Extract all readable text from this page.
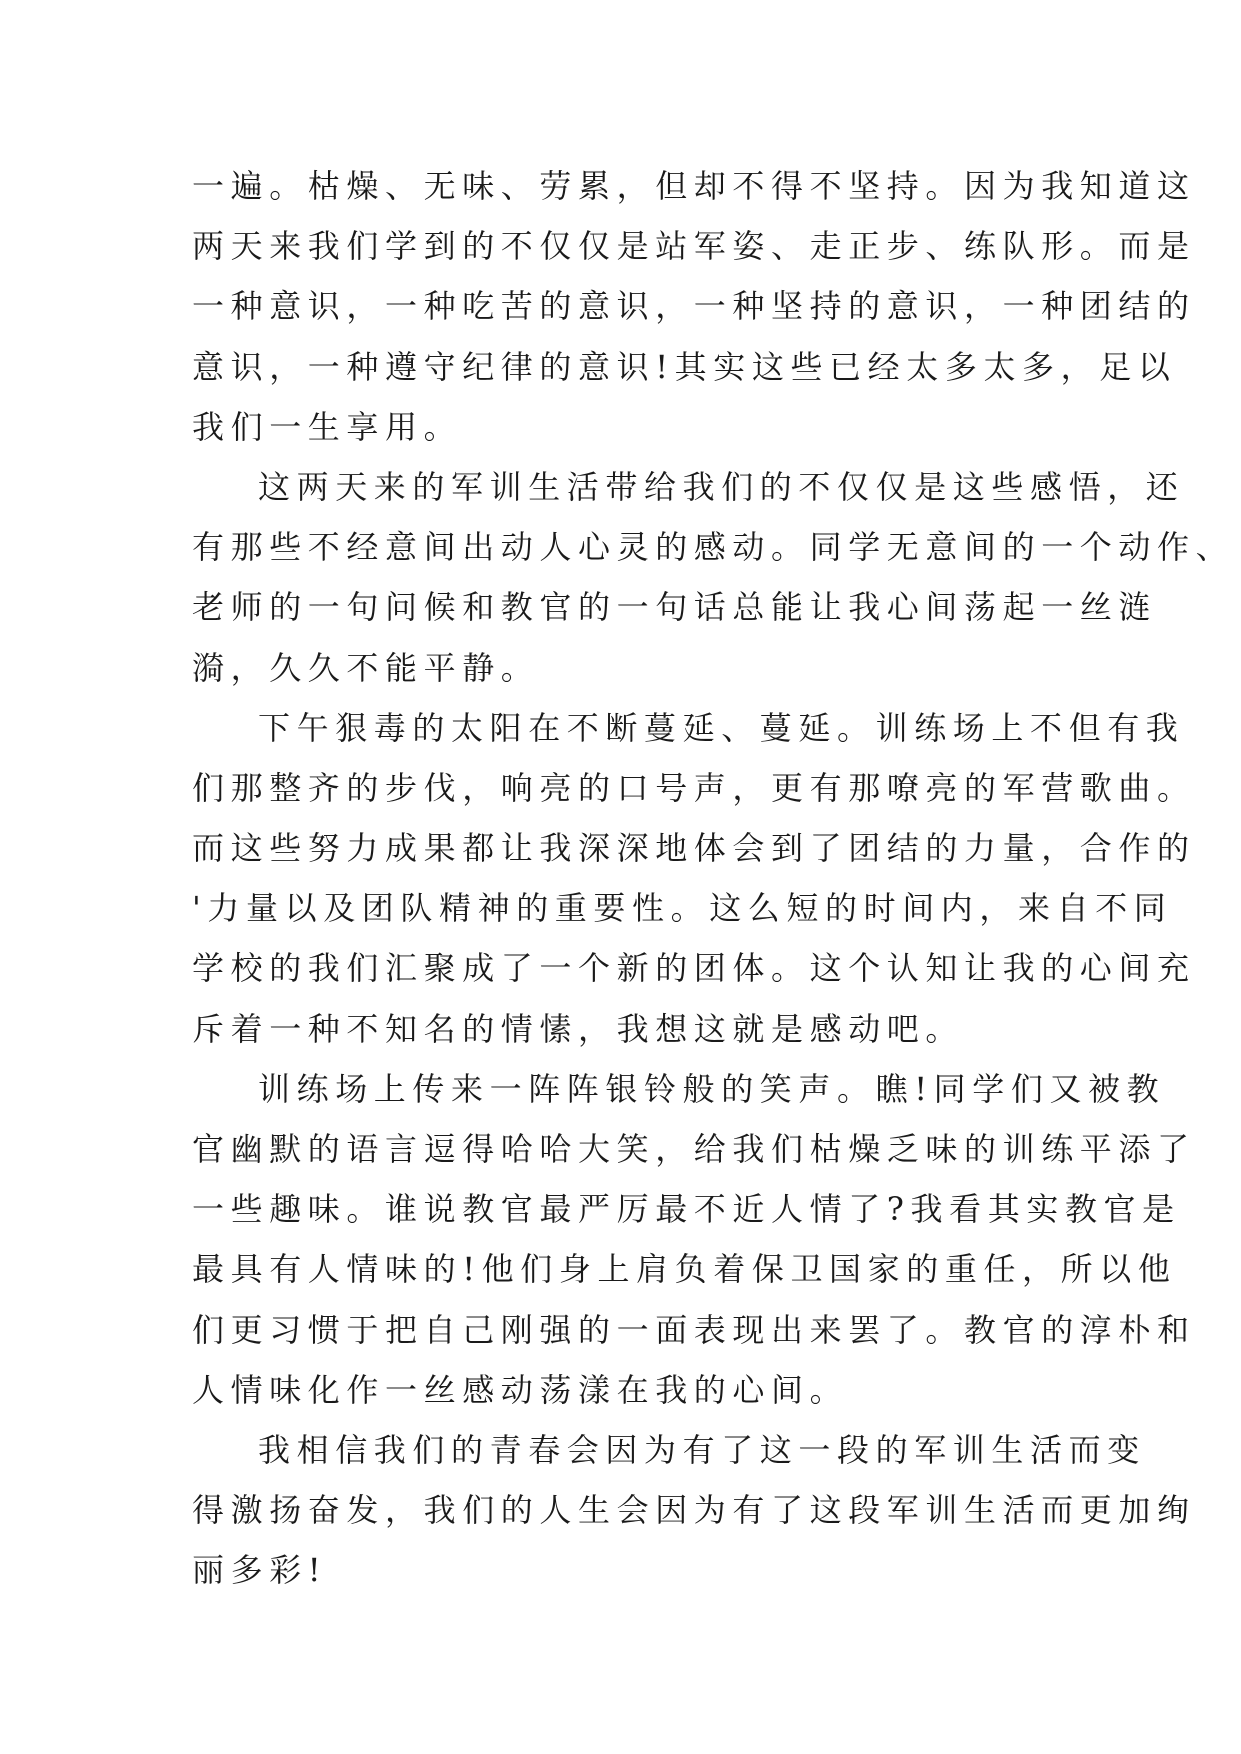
一遍。枯燥、无味、劳累，但却不得不坚持。因为我知道这
两天来我们学到的不仅仅是站军姿、走正步、练队形。而是
一种意识，一种吃苦的意识，一种坚持的意识，一种团结的
意识，一种遵守纪律的意识!其实这些已经太多太多，足以
我们一生享用。
这两天来的军训生活带给我们的不仅仅是这些感悟，还
有那些不经意间出动人心灵的感动。同学无意间的一个动作、
老师的一句问候和教官的一句话总能让我心间荡起一丝涟
漪，久久不能平静。
下午狠毒的太阳在不断蔓延、蔓延。训练场上不但有我
们那整齐的步伐，响亮的口号声，更有那嘹亮的军营歌曲。
而这些努力成果都让我深深地体会到了团结的力量，合作的
'力量以及团队精神的重要性。这么短的时间内，来自不同
学校的我们汇聚成了一个新的团体。这个认知让我的心间充
斥着一种不知名的情愫，我想这就是感动吧。
训练场上传来一阵阵银铃般的笑声。瞧!同学们又被教
官幽默的语言逗得哈哈大笑，给我们枯燥乏味的训练平添了
一些趣味。谁说教官最严厉最不近人情了?我看其实教官是
最具有人情味的!他们身上肩负着保卫国家的重任，所以他
们更习惯于把自己刚强的一面表现出来罢了。教官的淳朴和
人情味化作一丝感动荡漾在我的心间。
我相信我们的青春会因为有了这一段的军训生活而变
得激扬奋发，我们的人生会因为有了这段军训生活而更加绚
丽多彩!
